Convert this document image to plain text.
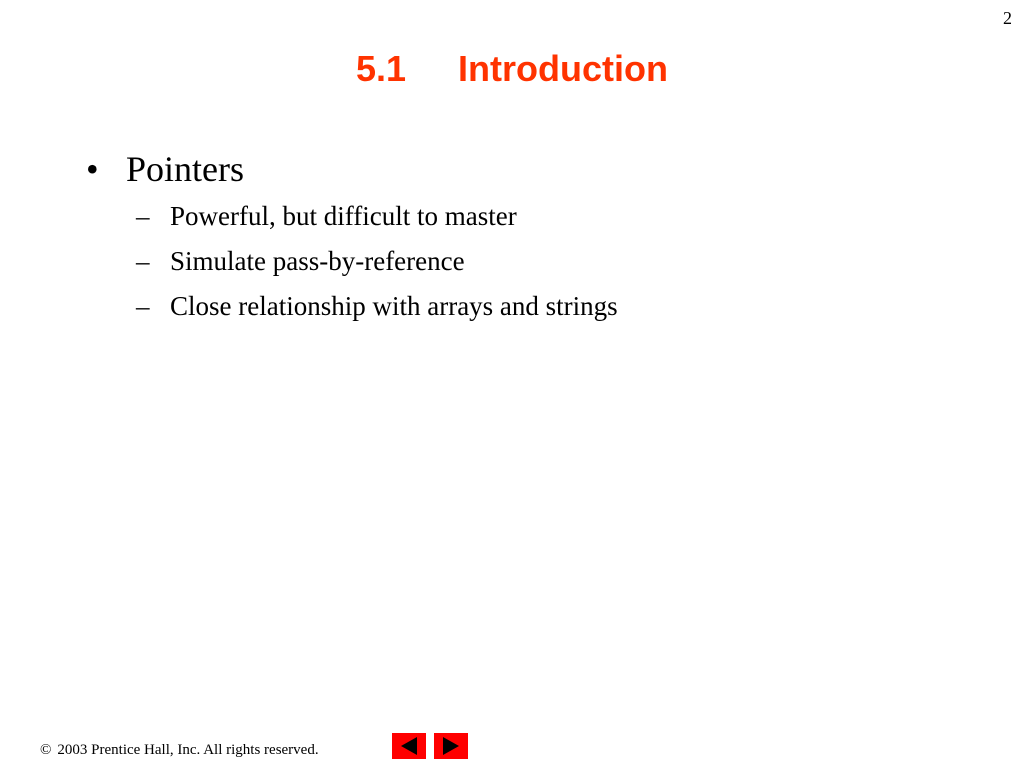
2
5.1 Introduction
• Pointers
– Powerful, but difficult to master
– Simulate pass-by-reference
– Close relationship with arrays and strings
© 2003 Prentice Hall, Inc. All rights reserved.
